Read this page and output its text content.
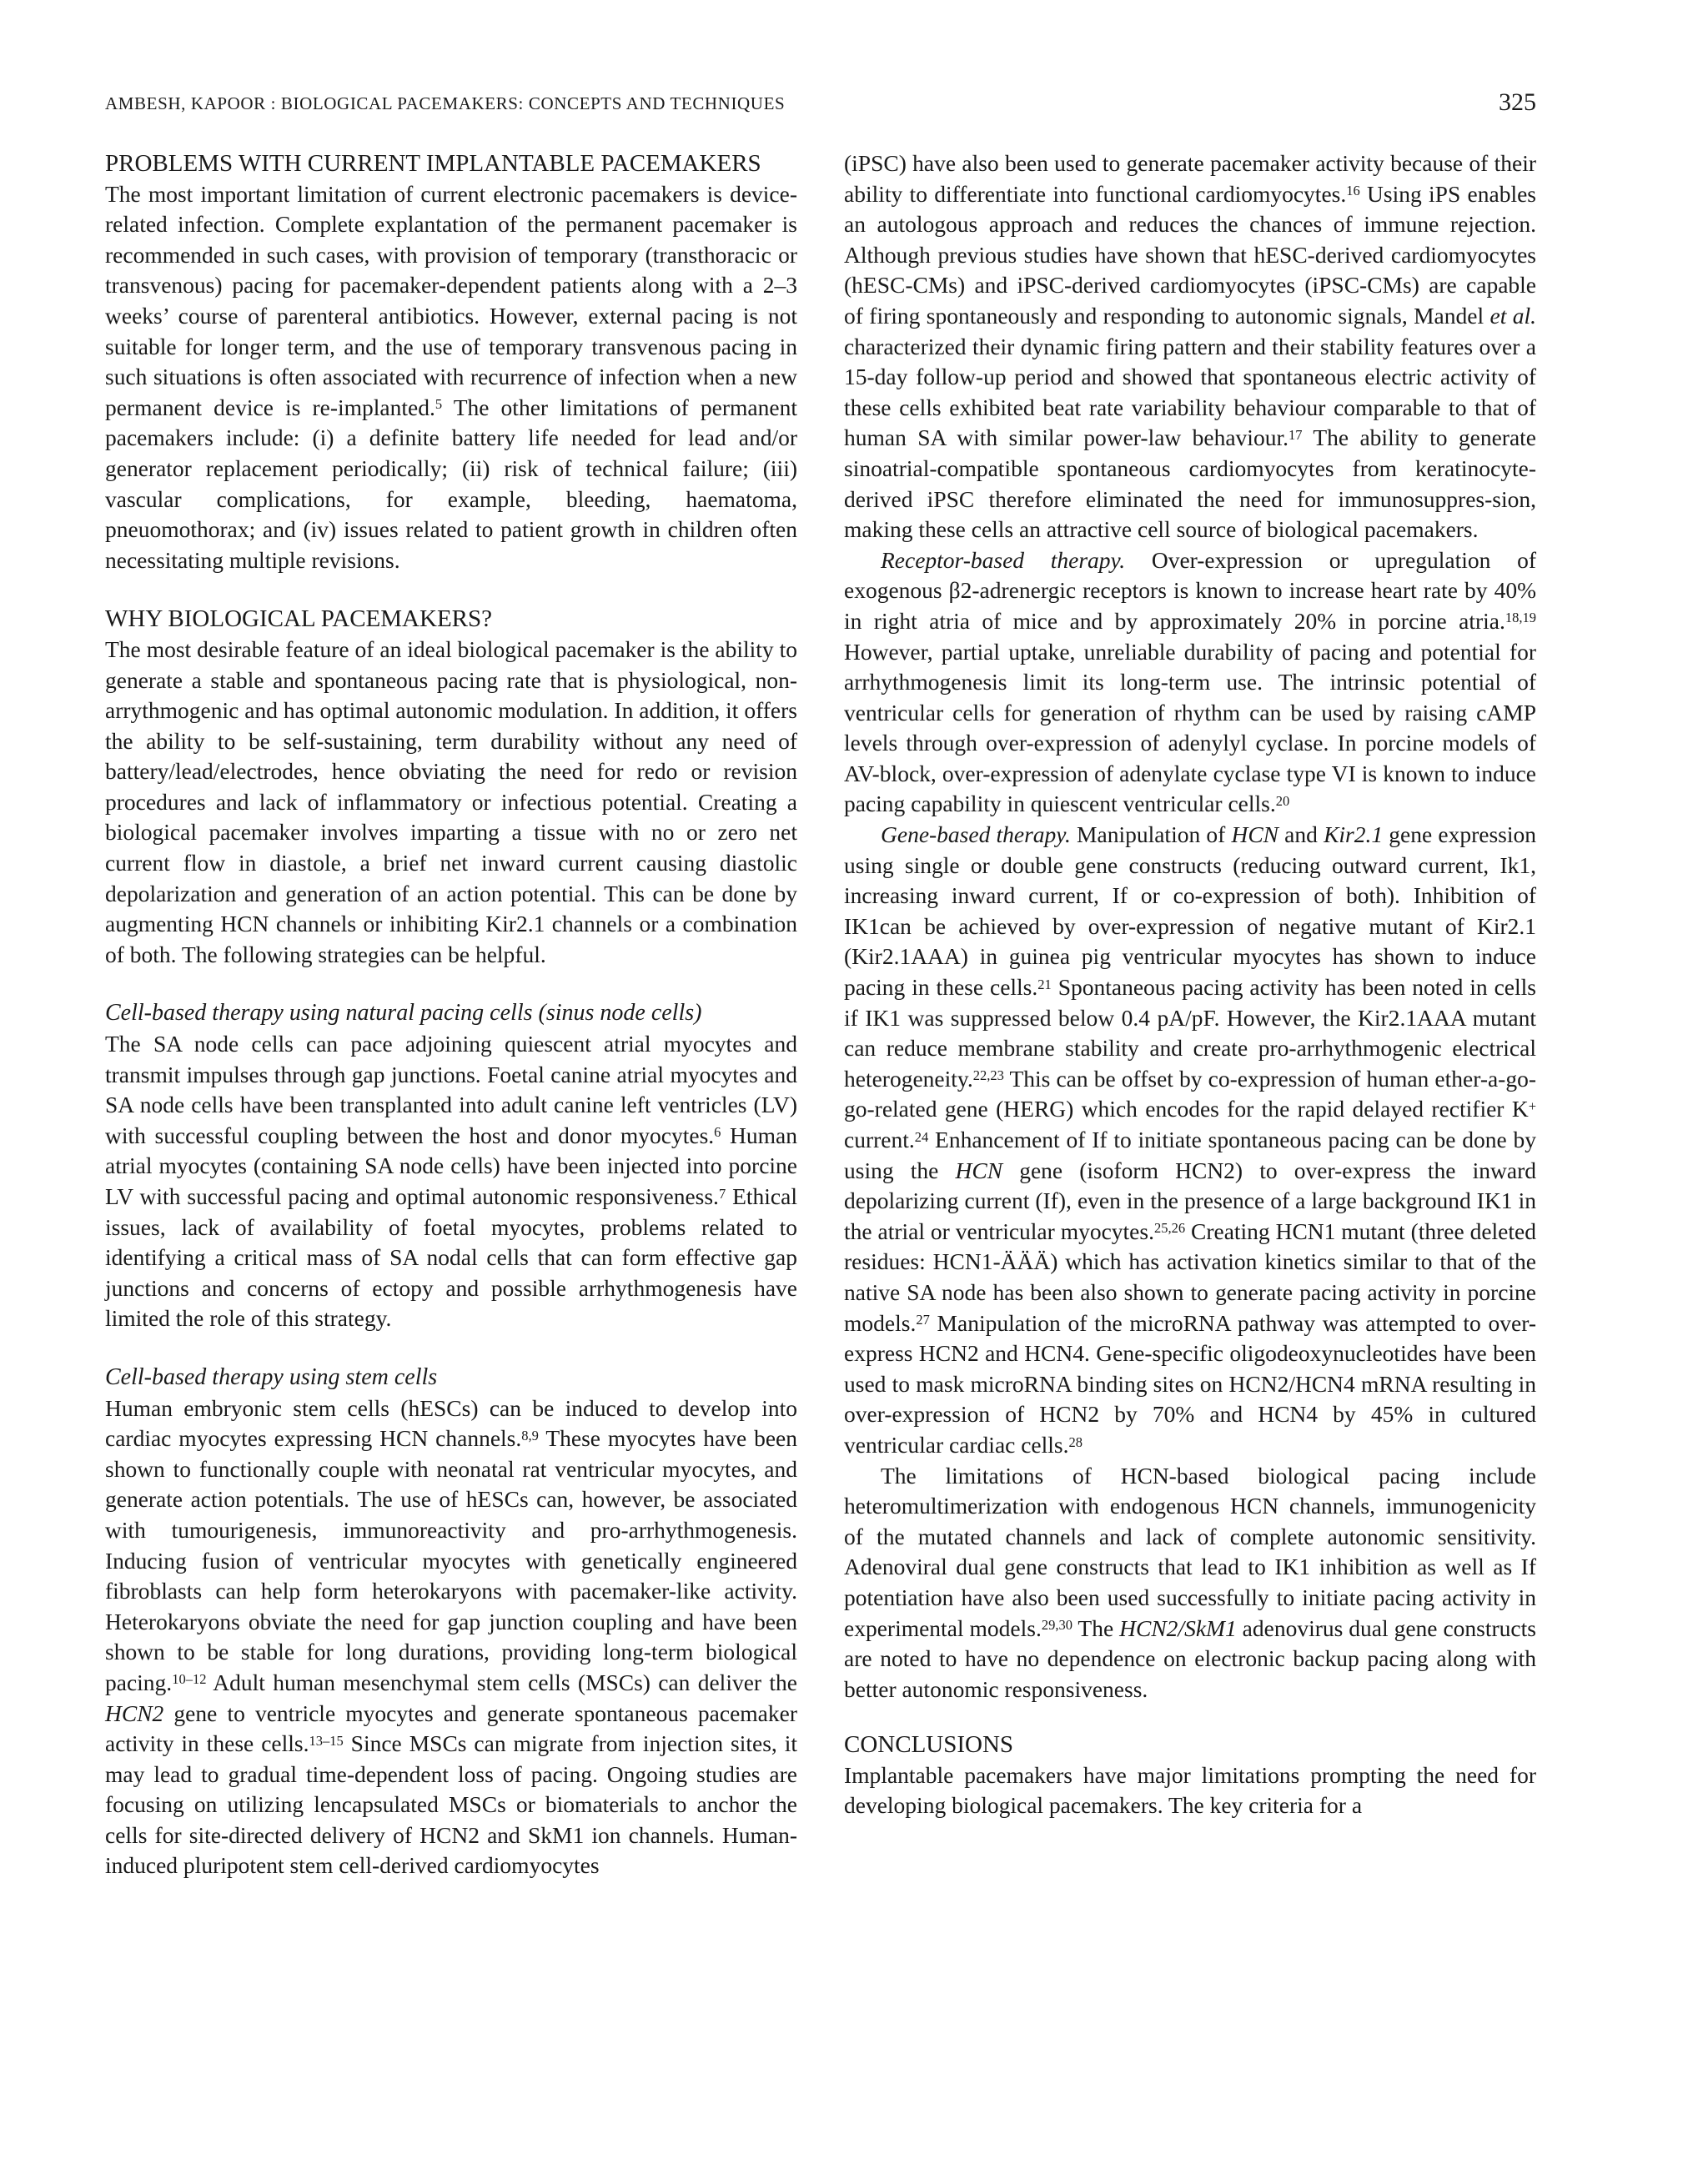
AMBESH, KAPOOR : BIOLOGICAL PACEMAKERS: CONCEPTS AND TECHNIQUES	325
PROBLEMS WITH CURRENT IMPLANTABLE PACEMAKERS

The most important limitation of current electronic pacemakers is device-related infection. Complete explantation of the permanent pacemaker is recommended in such cases, with provision of temporary (transthoracic or transvenous) pacing for pacemaker-dependent patients along with a 2–3 weeks’ course of parenteral antibiotics. However, external pacing is not suitable for longer term, and the use of temporary transvenous pacing in such situations is often associated with recurrence of infection when a new permanent device is re-implanted.$^5$ The other limitations of permanent pacemakers include: (i) a definite battery life needed for lead and/or generator replacement periodically; (ii) risk of technical failure; (iii) vascular complications, for example, bleeding, haematoma, pneuomothorax; and (iv) issues related to patient growth in children often necessitating multiple revisions.

WHY BIOLOGICAL PACEMAKERS?

The most desirable feature of an ideal biological pacemaker is the ability to generate a stable and spontaneous pacing rate that is physiological, non-arrythmogenic and has optimal autonomic modulation. In addition, it offers the ability to be self-sustaining, term durability without any need of battery/lead/electrodes, hence obviating the need for redo or revision procedures and lack of inflammatory or infectious potential. Creating a biological pacemaker involves imparting a tissue with no or zero net current flow in diastole, a brief net inward current causing diastolic depolarization and generation of an action potential. This can be done by augmenting HCN channels or inhibiting Kir2.1 channels or a combination of both. The following strategies can be helpful.

Cell-based therapy using natural pacing cells (sinus node cells)

The SA node cells can pace adjoining quiescent atrial myocytes and transmit impulses through gap junctions. Foetal canine atrial myocytes and SA node cells have been transplanted into adult canine left ventricles (LV) with successful coupling between the host and donor myocytes.$^6$ Human atrial myocytes (containing SA node cells) have been injected into porcine LV with successful pacing and optimal autonomic responsiveness.$^7$ Ethical issues, lack of availability of foetal myocytes, problems related to identifying a critical mass of SA nodal cells that can form effective gap junctions and concerns of ectopy and possible arrhythmogenesis have limited the role of this strategy.

Cell-based therapy using stem cells

Human embryonic stem cells (hESCs) can be induced to develop into cardiac myocytes expressing HCN channels.$^{8,9}$ These myocytes have been shown to functionally couple with neonatal rat ventricular myocytes, and generate action potentials. The use of hESCs can, however, be associated with tumourigenesis, immunoreactivity and pro-arrhythmogenesis. Inducing fusion of ventricular myocytes with genetically engineered fibroblasts can help form heterokaryons with pacemaker-like activity. Heterokaryons obviate the need for gap junction coupling and have been shown to be stable for long durations, providing long-term biological pacing.$^{10-12}$ Adult human mesenchymal stem cells (MSCs) can deliver the HCN2 gene to ventricle myocytes and generate spontaneous pacemaker activity in these cells.$^{13-15}$ Since MSCs can migrate from injection sites, it may lead to gradual time-dependent loss of pacing. Ongoing studies are focusing on utilizing lencapsulated MSCs or biomaterials to anchor the cells for site-directed delivery of HCN2 and SkM1 ion channels. Human-induced pluripotent stem cell-derived cardiomyocytes

(iPSC) have also been used to generate pacemaker activity because of their ability to differentiate into functional cardiomyocytes.$^{16}$ Using iPS enables an autologous approach and reduces the chances of immune rejection. Although previous studies have shown that hESC-derived cardiomyocytes (hESC-CMs) and iPSC-derived cardiomyocytes (iPSC-CMs) are capable of firing spontaneously and responding to autonomic signals, Mandel et al. characterized their dynamic firing pattern and their stability features over a 15-day follow-up period and showed that spontaneous electric activity of these cells exhibited beat rate variability behaviour comparable to that of human SA with similar power-law behaviour.$^{17}$ The ability to generate sinoatrial-compatible spontaneous cardiomyocytes from keratinocyte-derived iPSC therefore eliminated the need for immunosuppres-sion, making these cells an attractive cell source of biological pacemakers.

Receptor-based therapy. Over-expression or upregulation of exogenous β2-adrenergic receptors is known to increase heart rate by 40% in right atria of mice and by approximately 20% in porcine atria.$^{18,19}$ However, partial uptake, unreliable durability of pacing and potential for arrhythmogenesis limit its long-term use. The intrinsic potential of ventricular cells for generation of rhythm can be used by raising cAMP levels through over-expression of adenylyl cyclase. In porcine models of AV-block, over-expression of adenylate cyclase type VI is known to induce pacing capability in quiescent ventricular cells.$^{20}$

Gene-based therapy. Manipulation of HCN and Kir2.1 gene expression using single or double gene constructs (reducing outward current, Ik1, increasing inward current, If or co-expression of both). Inhibition of IK1can be achieved by over-expression of negative mutant of Kir2.1 (Kir2.1AAA) in guinea pig ventricular myocytes has shown to induce pacing in these cells.$^{21}$ Spontaneous pacing activity has been noted in cells if IK1 was suppressed below 0.4 pA/pF. However, the Kir2.1AAA mutant can reduce membrane stability and create pro-arrhythmogenic electrical heterogeneity.$^{22,23}$ This can be offset by co-expression of human ether-a-go-go-related gene (HERG) which encodes for the rapid delayed rectifier K+ current.$^{24}$ Enhancement of If to initiate spontaneous pacing can be done by using the HCN gene (isoform HCN2) to over-express the inward depolarizing current (If), even in the presence of a large background IK1 in the atrial or ventricular myocytes.$^{25,26}$ Creating HCN1 mutant (three deleted residues: HCN1-ÄÄÄ) which has activation kinetics similar to that of the native SA node has been also shown to generate pacing activity in porcine models.$^{27}$ Manipulation of the microRNA pathway was attempted to over-express HCN2 and HCN4. Gene-specific oligodeoxynucleotides have been used to mask microRNA binding sites on HCN2/HCN4 mRNA resulting in over-expression of HCN2 by 70% and HCN4 by 45% in cultured ventricular cardiac cells.$^{28}$

The limitations of HCN-based biological pacing include heteromultimerization with endogenous HCN channels, immunogenicity of the mutated channels and lack of complete autonomic sensitivity. Adenoviral dual gene constructs that lead to IK1 inhibition as well as If potentiation have also been used successfully to initiate pacing activity in experimental models.$^{29,30}$ The HCN2/SkM1 adenovirus dual gene constructs are noted to have no dependence on electronic backup pacing along with better autonomic responsiveness.

CONCLUSIONS

Implantable pacemakers have major limitations prompting the need for developing biological pacemakers. The key criteria for a
